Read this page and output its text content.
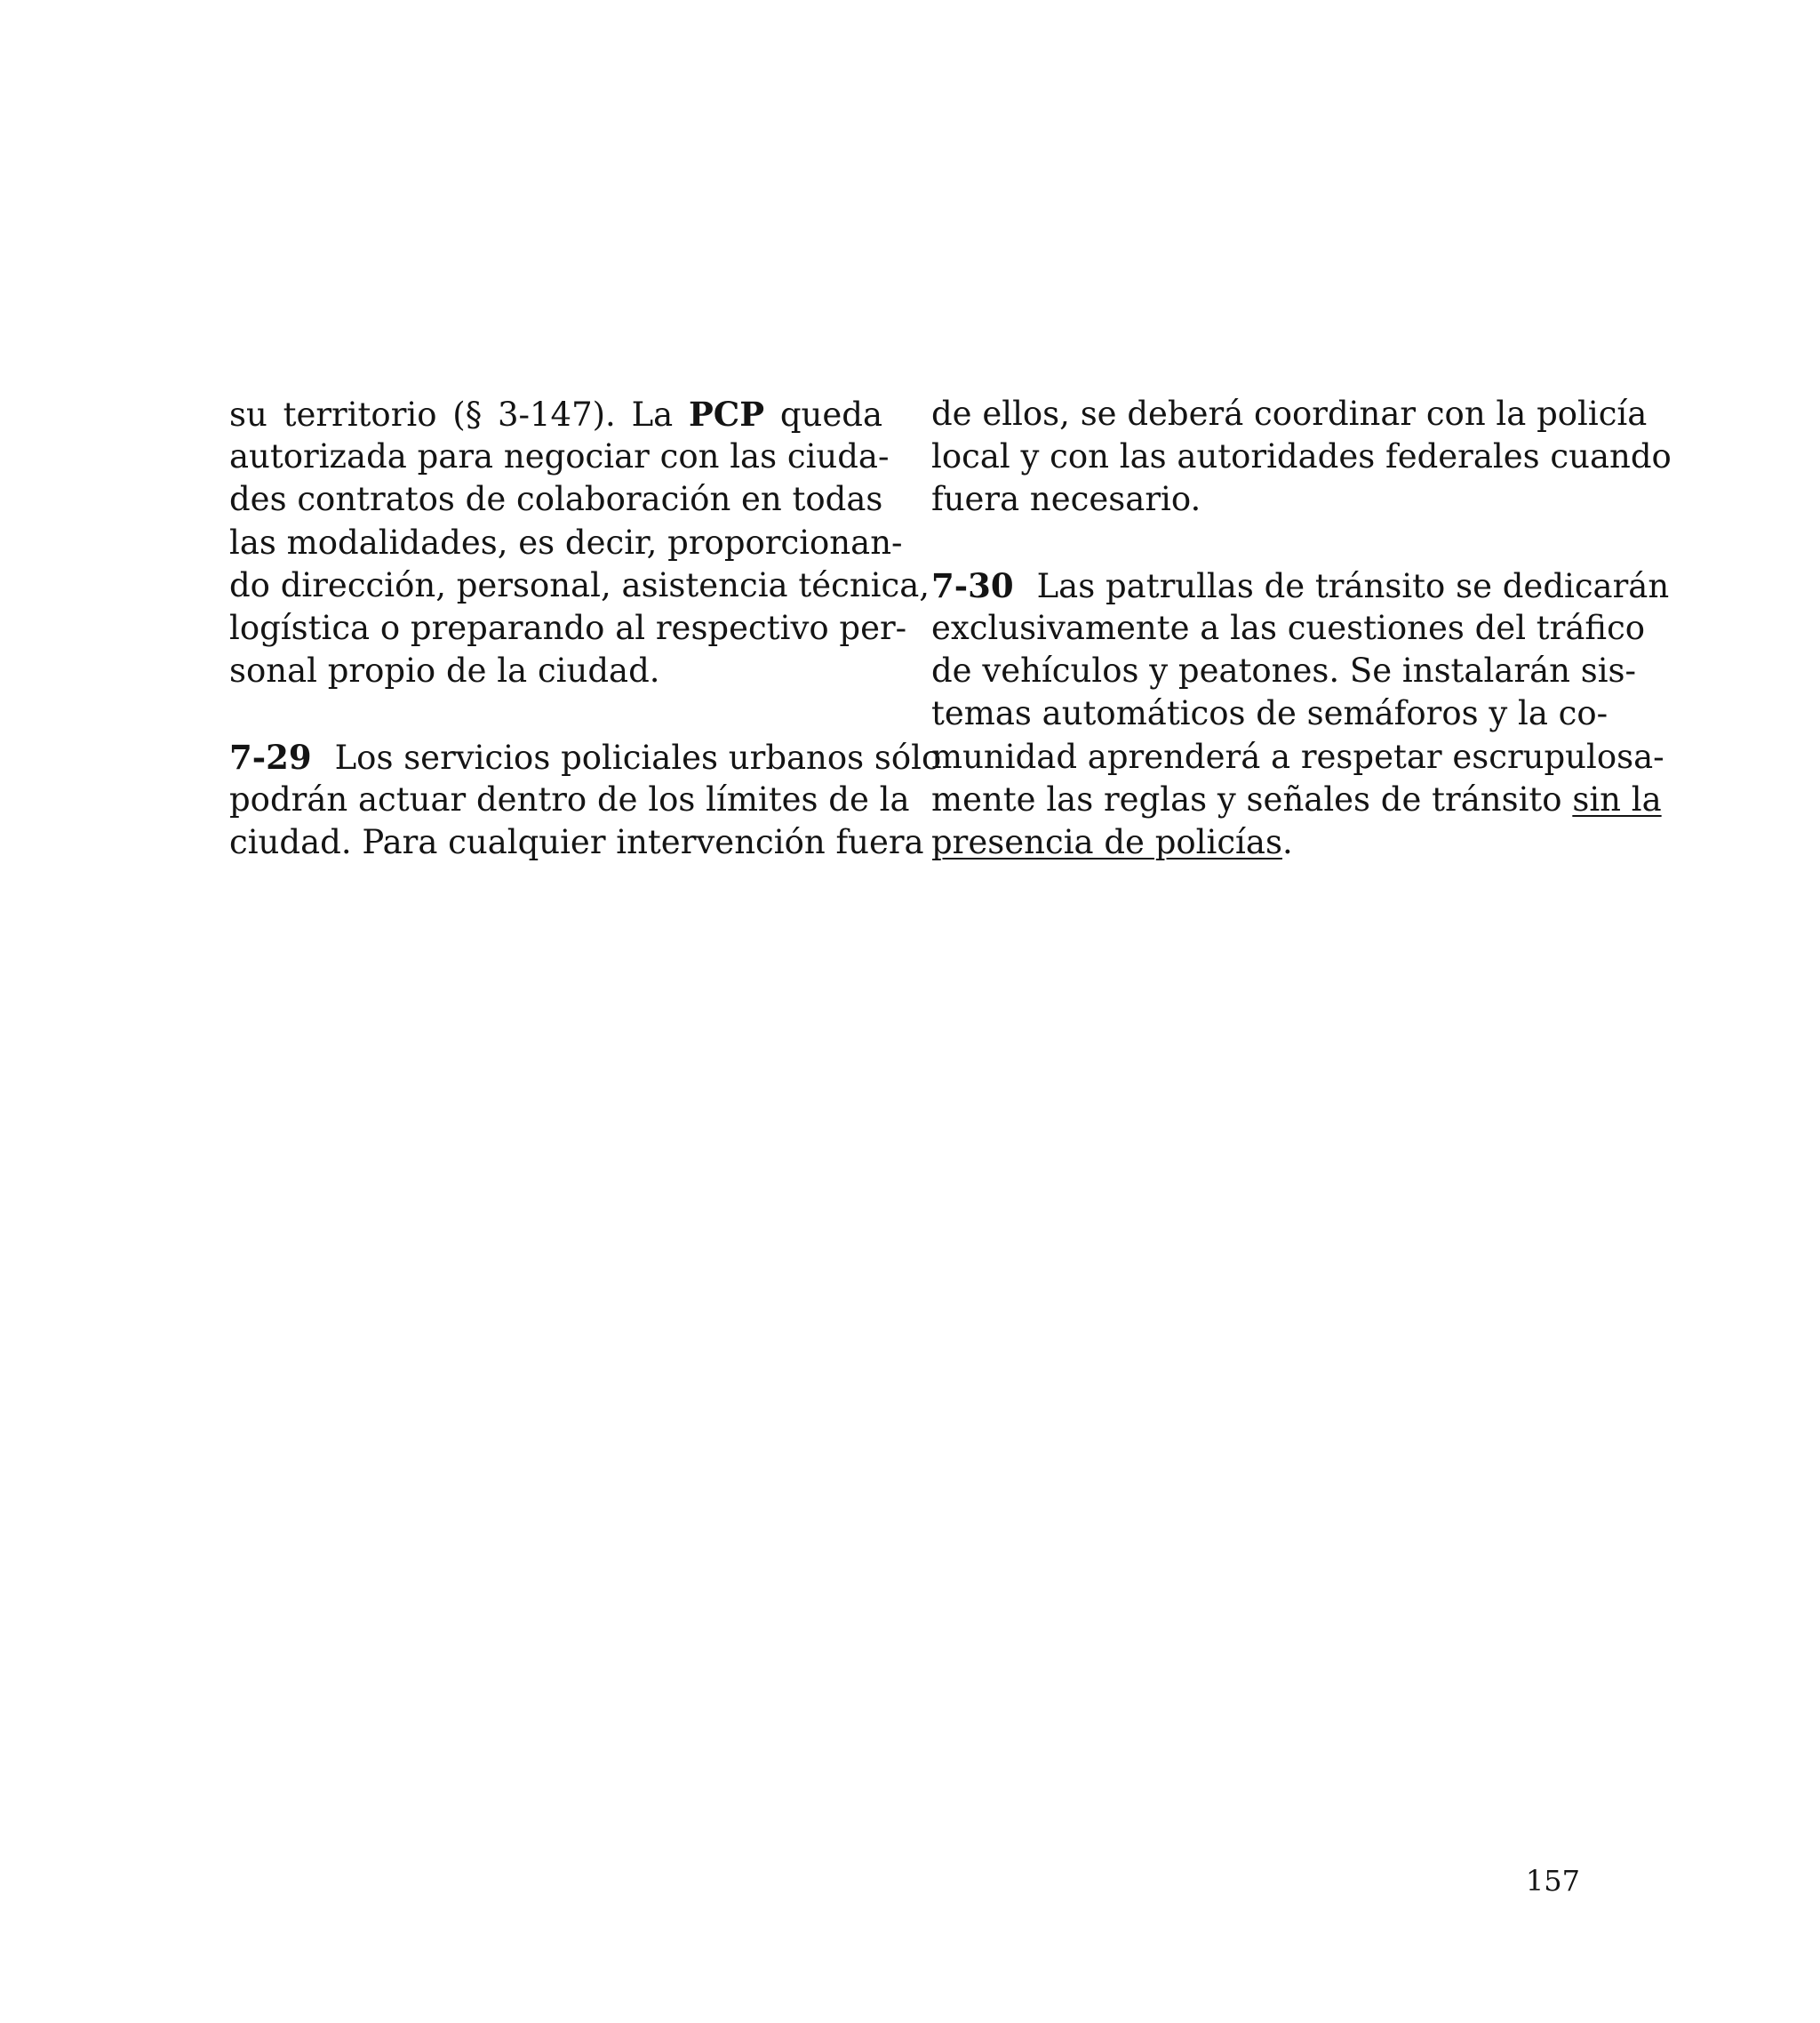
su territorio (§ 3-147). La PCP queda
autorizada para negociar con las ciuda-
des contratos de colaboración en todas
las modalidades, es decir, proporcionan-
do dirección, personal, asistencia técnica,
logística o preparando al respectivo per-
sonal propio de la ciudad.
7-29 Los servicios policiales urbanos sólo
podrán actuar dentro de los límites de la
ciudad. Para cualquier intervención fuera
de ellos, se deberá coordinar con la policía
local y con las autoridades federales cuando
fuera necesario.
7-30 Las patrullas de tránsito se dedicarán
exclusivamente a las cuestiones del tráfico
de vehículos y peatones. Se instalarán sis-
temas automáticos de semáforos y la co-
munidad aprenderá a respetar escrupulosa-
mente las reglas y señales de tránsito sin la
presencia de policías.
157
